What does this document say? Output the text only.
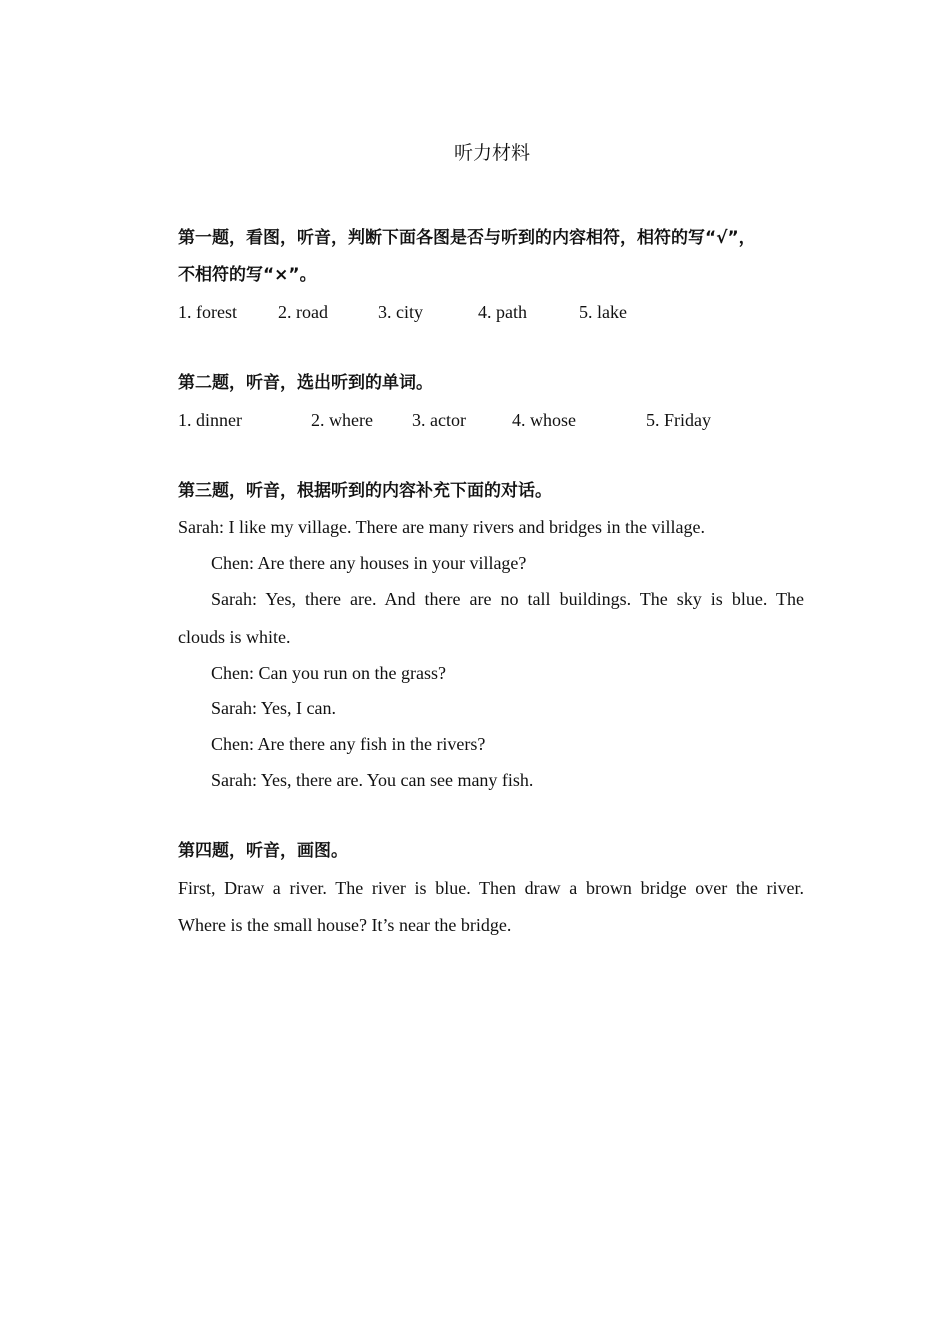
听力材料
第一题，看图，听音，判断下面各图是否与听到的内容相符，相符的写“√”，
不相符的写“×”。
1. forest 2. road	3. city	4. path	5. lake
第二题，听音，选出听到的单词。
1. dinner	2. where 3. actor	4. whose	5. Friday
第三题，听音，根据听到的内容补充下面的对话。
Sarah: I like my village. There are many rivers and bridges in the village.
Chen: Are there any houses in your village?
Sarah: Yes, there are. And there are no tall buildings. The sky is blue. The
clouds is white.
Chen: Can you run on the grass?
Sarah: Yes, I can.
Chen: Are there any fish in the rivers?
Sarah: Yes, there are. You can see many fish.
第四题，听音，画图。
First, Draw a river. The river is blue. Then draw a brown bridge over the river.
Where is the small house? It’s near the bridge.
